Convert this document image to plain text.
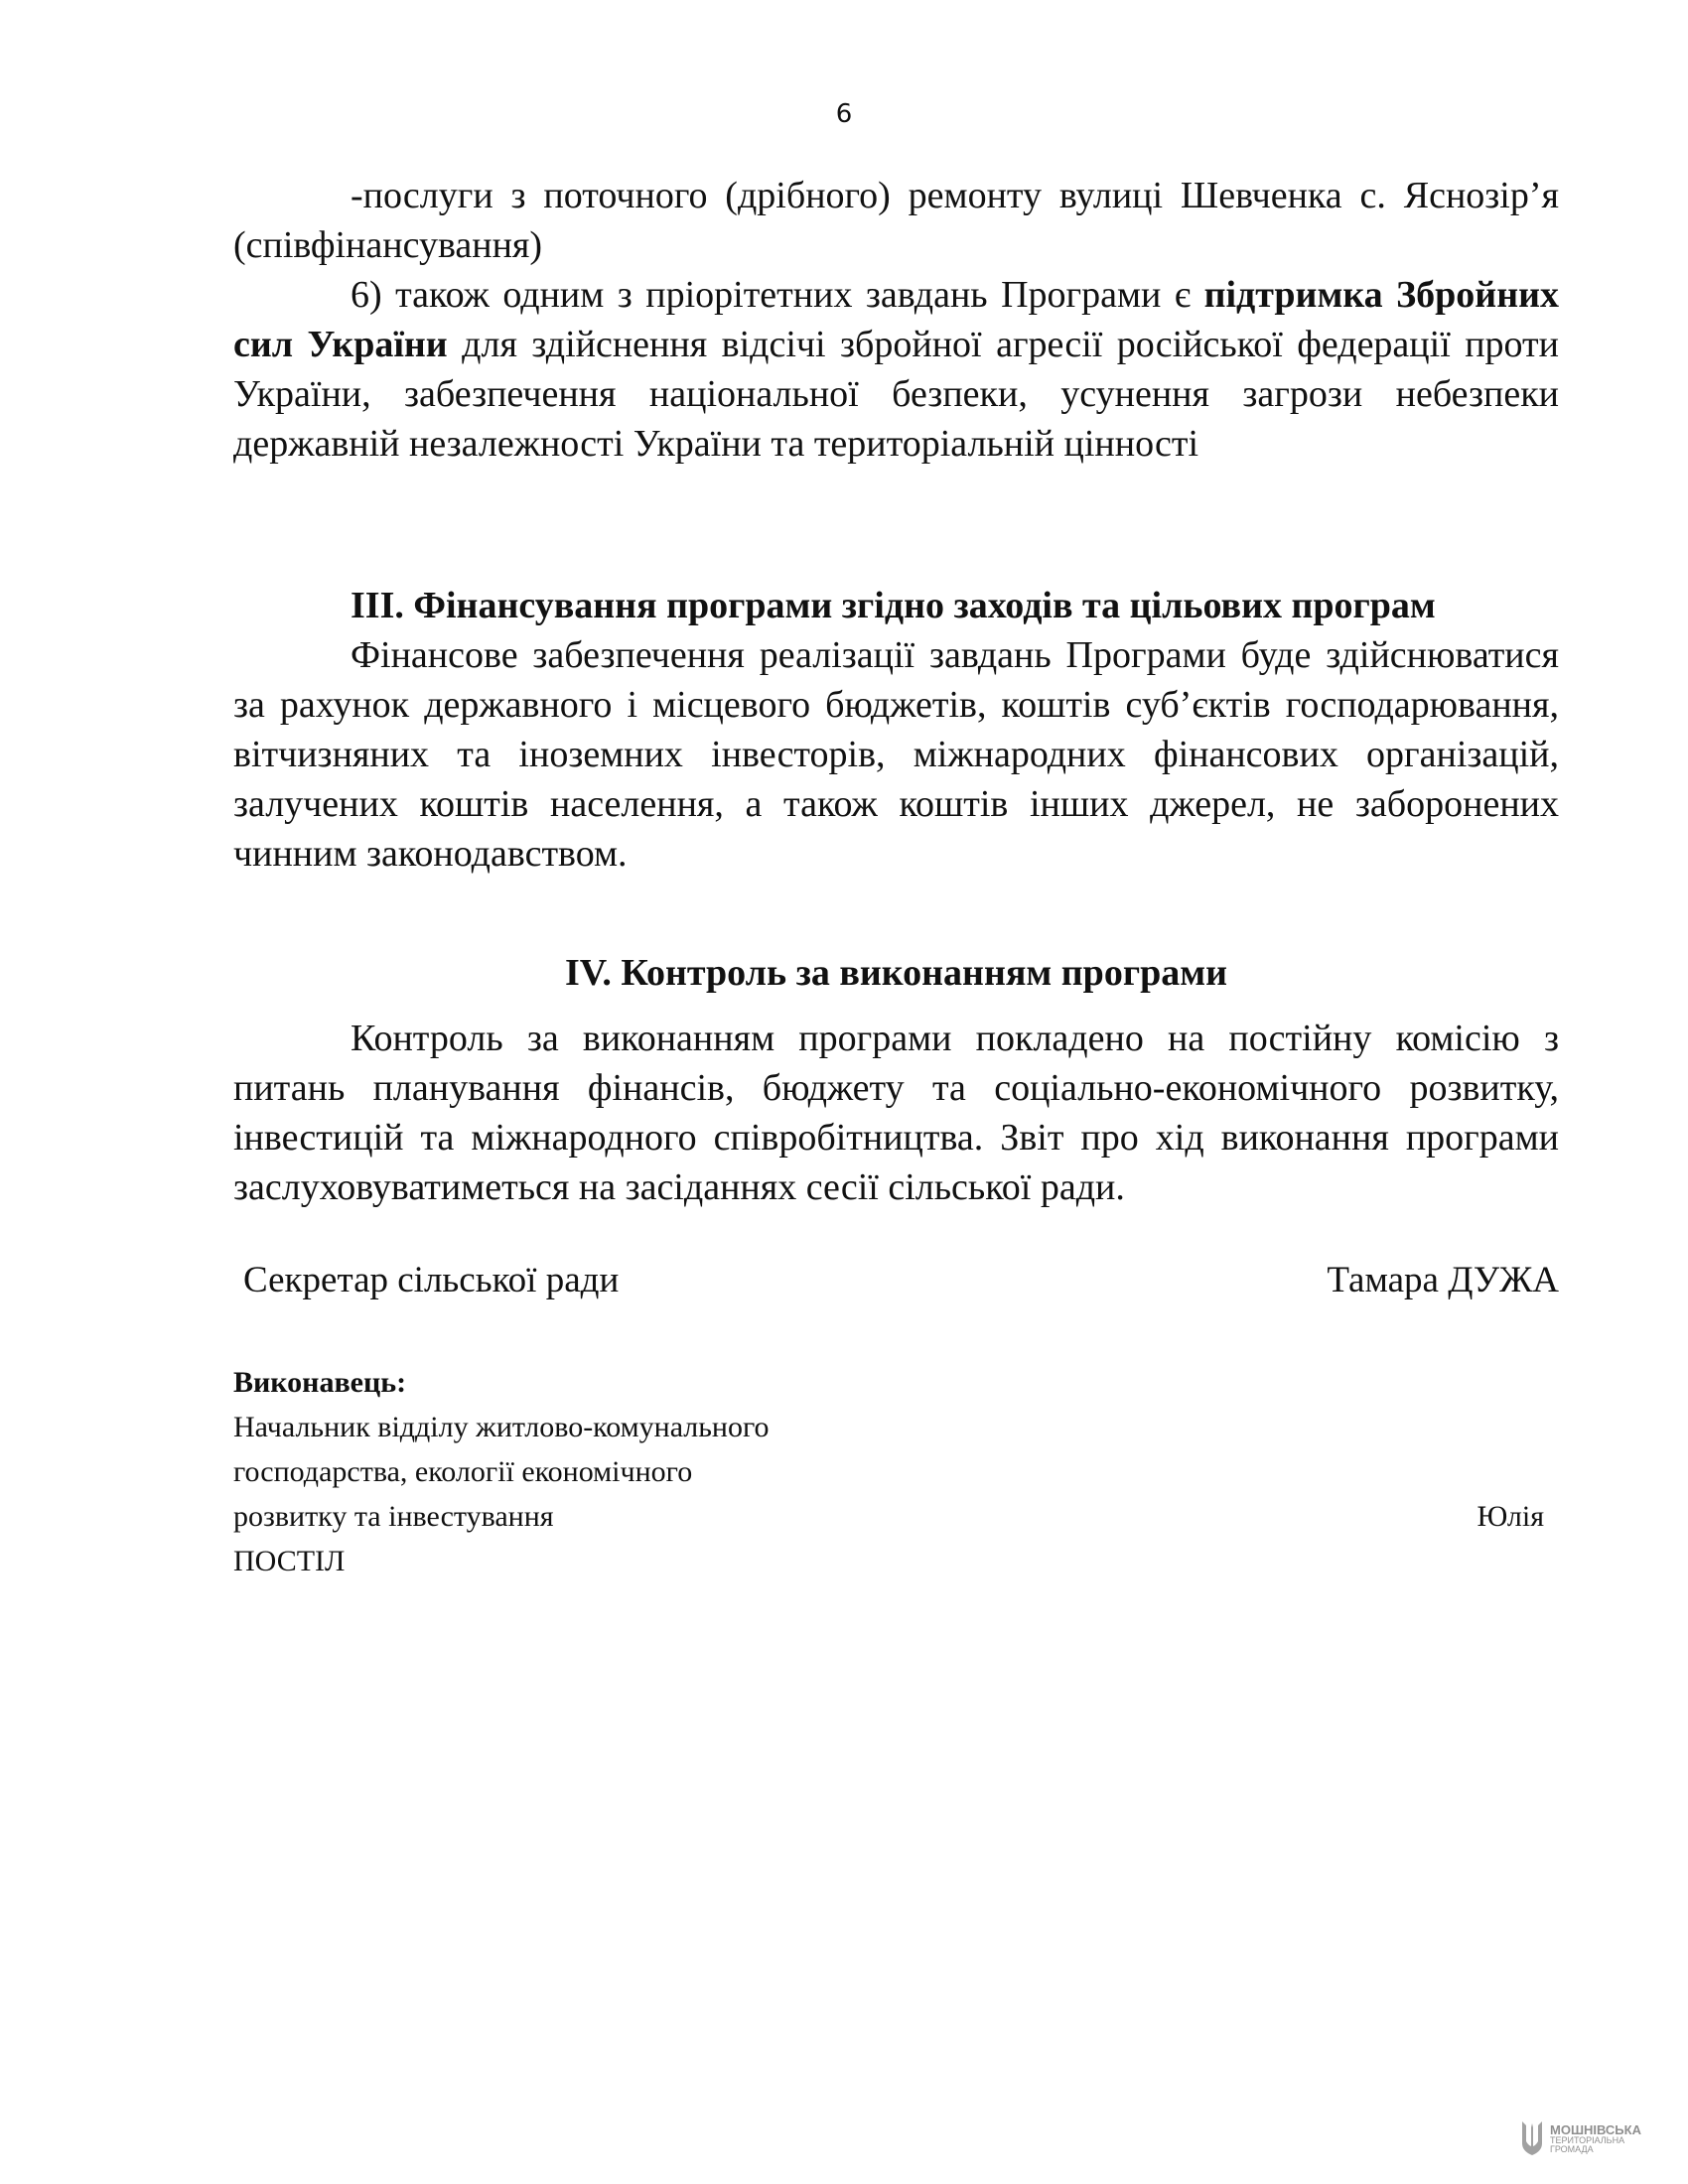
6

-послуги з поточного (дрібного) ремонту вулиці Шевченка с. Яснозір’я (співфінансування)

6) також одним з пріорітетних завдань Програми є підтримка Збройних сил України для здійснення відсічі збройної агресії російської федерації проти України, забезпечення національної безпеки, усунення загрози небезпеки державній незалежності України та територіальній цінності

ІІІ. Фінансування програми згідно заходів та цільових програм

Фінансове забезпечення реалізації завдань Програми буде здійснюватися за рахунок державного і місцевого бюджетів, коштів суб’єктів господарювання, вітчизняних та іноземних інвесторів, міжнародних фінансових організацій, залучених коштів населення, а також коштів інших джерел, не заборонених чинним законодавством.

IV. Контроль за виконанням програми

Контроль за виконанням програми покладено на постійну комісію з питань планування фінансів, бюджету та соціально-економічного розвитку, інвестицій та міжнародного співробітництва. Звіт про хід виконання програми заслуховуватиметься на засіданнях сесії сільської ради.

Секретар сільської ради	Тамара ДУЖА
Виконавець:
Начальник відділу житлово-комунального
господарства, екології економічного
розвитку та інвестування	Юлія
ПОСТІЛ
МОШНІВСЬКА
ТЕРИТОРІАЛЬНА
ГРОМАДА
